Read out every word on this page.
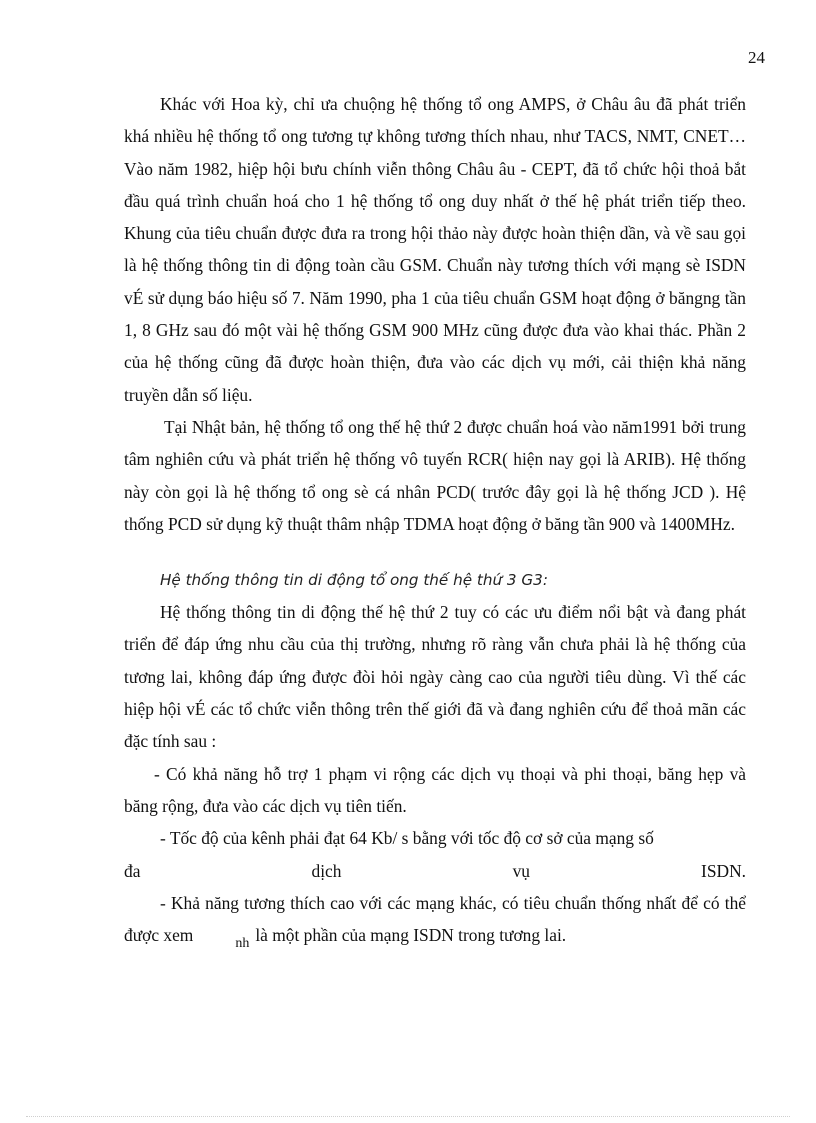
24

Khác với Hoa kỳ, chỉ ưa chuộng hệ thống tổ ong AMPS, ở Châu âu đã phát triển khá nhiều hệ thống tổ ong tương tự không tương thích nhau, như TACS, NMT, CNET…Vào năm 1982, hiệp hội bưu chính viễn thông Châu âu - CEPT, đã tổ chức hội thoả bắt đầu quá trình chuẩn hoá cho 1 hệ thống tổ ong duy nhất ở thế hệ phát triển tiếp theo. Khung của tiêu chuẩn được đưa ra trong hội thảo này được hoàn thiện dần, và về sau gọi là hệ thống thông tin di động toàn cầu GSM. Chuẩn này tương thích với mạng sè ISDN vÉ sử dụng báo hiệu số 7. Năm 1990, pha 1 của tiêu chuẩn GSM hoạt động ở băngng tần 1, 8 GHz sau đó một vài hệ thống GSM 900 MHz cũng được đưa vào khai thác. Phần 2 của hệ thống cũng đã được hoàn thiện, đưa vào các dịch vụ mới, cải thiện khả năng truyền dẫn số liệu.

Tại Nhật bản, hệ thống tổ ong thế hệ thứ 2 được chuẩn hoá vào năm1991 bởi trung tâm nghiên cứu và phát triển hệ thống vô tuyến RCR( hiện nay gọi là ARIB). Hệ thống này còn gọi là hệ thống tổ ong sè cá nhân PCD( trước đây gọi là hệ thống JCD ). Hệ thống PCD sử dụng kỹ thuật thâm nhập TDMA hoạt động ở băng tần 900 và 1400MHz.

Hệ thống thông tin di động tổ ong thế hệ thứ 3 G3:

Hệ thống thông tin di động thế hệ thứ 2 tuy có các ưu điểm nổi bật và đang phát triển để đáp ứng nhu cầu của thị trường, nhưng rõ ràng vẫn chưa phải là hệ thống của tương lai, không đáp ứng được đòi hỏi ngày càng cao của người tiêu dùng. Vì thế các hiệp hội vÉ các tổ chức viễn thông trên thế giới đã và đang nghiên cứu để thoả mãn các đặc tính sau :

- Có khả năng hỗ trợ 1 phạm vi rộng các dịch vụ thoại và phi thoại, băng hẹp và băng rộng, đưa vào các dịch vụ tiên tiến.

- Tốc độ của kênh phải đạt 64 Kb/ s bằng với tốc độ cơ sở của mạng số

đa	dịch	vụ	ISDN.

- Khả năng tương thích cao với các mạng khác, có tiêu chuẩn thống nhất để có thể được xem	nh là một phần của mạng ISDN trong tương lai.
